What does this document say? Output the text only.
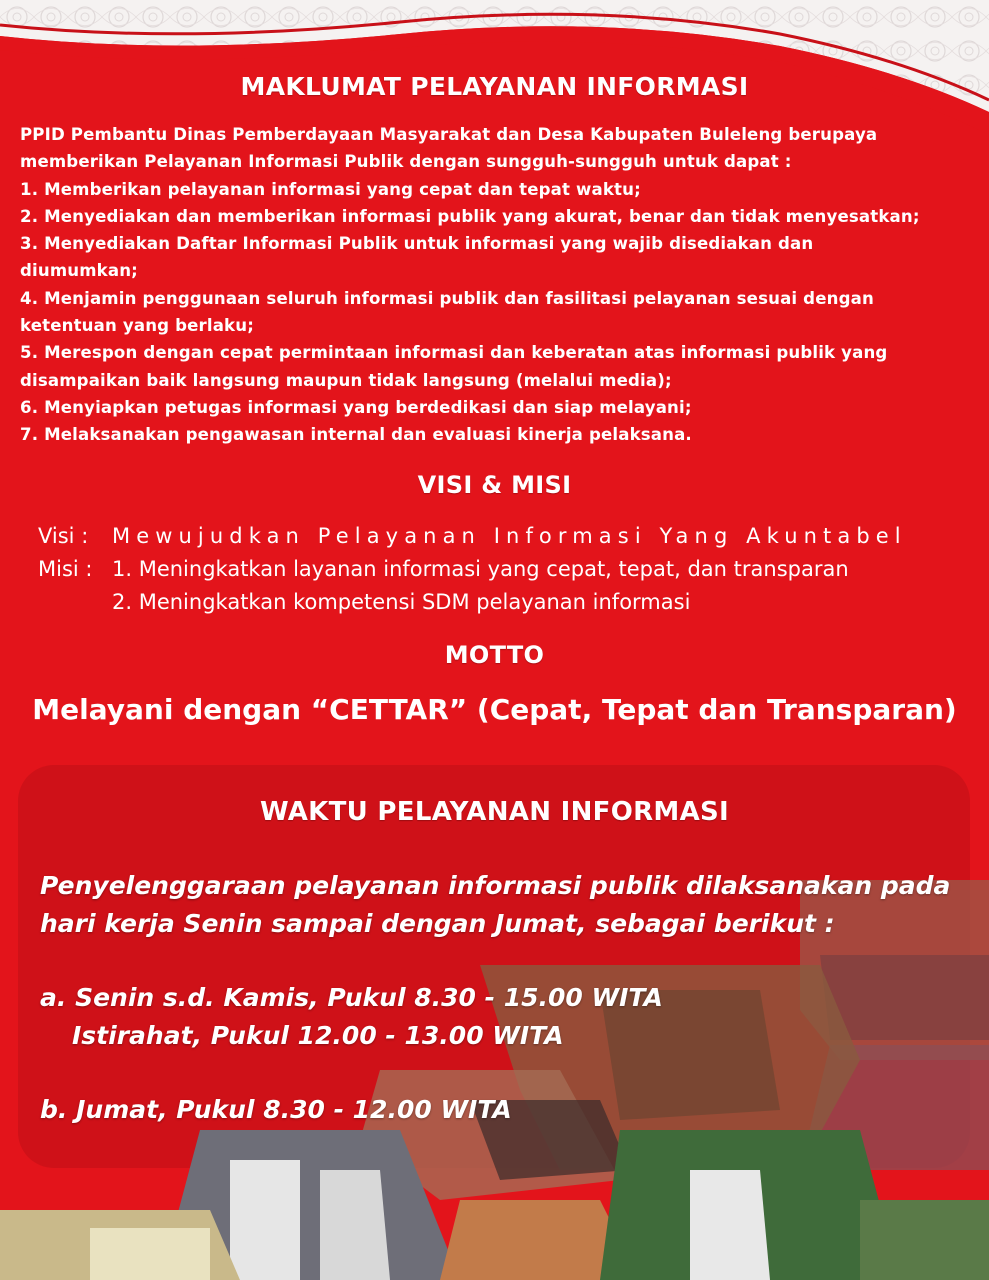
MAKLUMAT PELAYANAN INFORMASI
PPID Pembantu Dinas Pemberdayaan Masyarakat dan Desa Kabupaten Buleleng berupaya
memberikan Pelayanan Informasi Publik dengan sungguh-sungguh untuk dapat :
1. Memberikan pelayanan informasi yang cepat dan tepat waktu;
2. Menyediakan dan memberikan informasi publik yang akurat, benar dan tidak menyesatkan;
3. Menyediakan Daftar Informasi Publik untuk informasi yang wajib disediakan dan
diumumkan;
4. Menjamin penggunaan seluruh informasi publik dan fasilitasi pelayanan sesuai dengan
ketentuan yang berlaku;
5. Merespon dengan cepat permintaan informasi dan keberatan atas informasi publik yang
disampaikan baik langsung maupun tidak langsung (melalui media);
6. Menyiapkan petugas informasi yang berdedikasi dan siap melayani;
7. Melaksanakan pengawasan internal dan evaluasi kinerja pelaksana.
VISI & MISI
Visi :	Mewujudkan Pelayanan Informasi Yang Akuntabel
Misi : 1. Meningkatkan layanan informasi yang cepat, tepat, dan transparan
2. Meningkatkan kompetensi SDM pelayanan informasi
MOTTO
Melayani dengan “CETTAR” (Cepat, Tepat dan Transparan)
WAKTU PELAYANAN INFORMASI
Penyelenggaraan pelayanan informasi publik dilaksanakan pada
hari kerja Senin sampai dengan Jumat, sebagai berikut :
a. Senin s.d. Kamis, Pukul 8.30 - 15.00 WITA
Istirahat, Pukul 12.00 - 13.00 WITA
b. Jumat, Pukul 8.30 - 12.00 WITA
